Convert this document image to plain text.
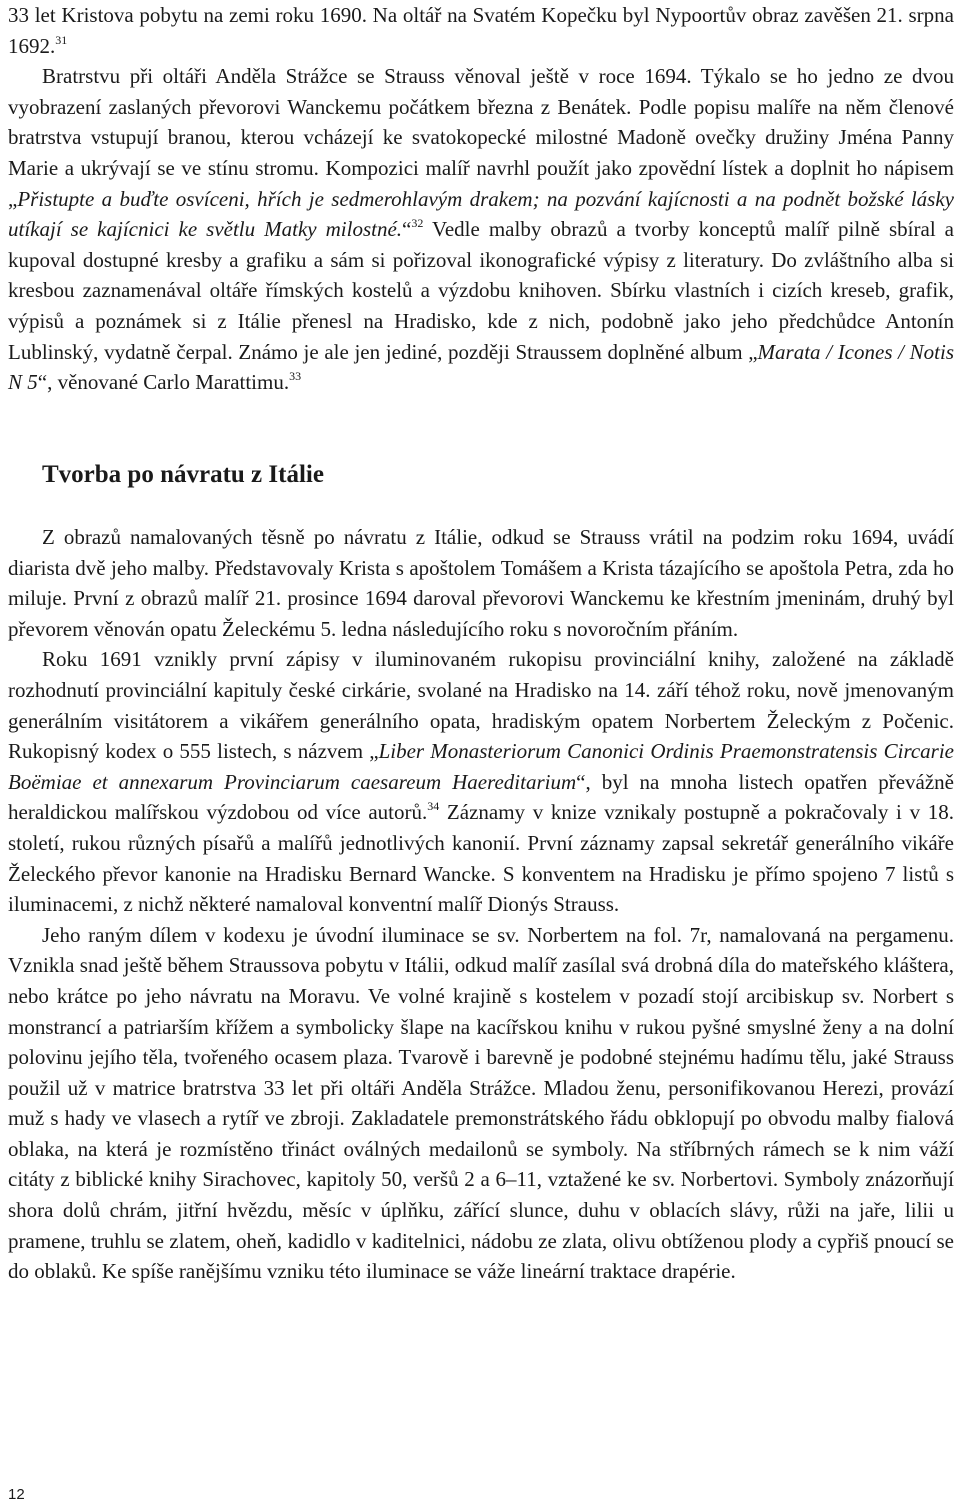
33 let Kristova pobytu na zemi roku 1690. Na oltář na Svatém Kopečku byl Nypoortův obraz zavěšen 21. srpna 1692.31

Bratrstvu při oltáři Anděla Strážce se Strauss věnoval ještě v roce 1694. Týkalo se ho jedno ze dvou vyobrazení zaslaných převorovi Wanckemu počátkem března z Benátek. Podle popisu malíře na něm členové bratrstva vstupují branou, kterou vcházejí ke svatokopecké milostné Madoně ovečky družiny Jména Panny Marie a ukrývají se ve stínu stromu. Kompozici malíř navrhl použít jako zpovědní lístek a doplnit ho nápisem „Přistupte a buďte osvíceni, hřích je sedmerohlavým drakem; na pozvání kajícnosti a na podnět božské lásky utíkají se kajícnici ke světlu Matky milostné.“$^{32}$ Vedle malby obrazů a tvorby konceptů malíř pilně sbíral a kupoval dostupné kresby a grafiku a sám si pořizoval ikonografické výpisy z literatury. Do zvláštního alba si kresbou zaznamenával oltáře římských kostelů a výzdobu knihoven. Sbírku vlastních i cizích kreseb, grafik, výpisů a poznámek si z Itálie přenesl na Hradisko, kde z nich, podobně jako jeho předchůdce Antonín Lublinský, vydatně čerpal. Známo je ale jen jediné, později Straussem doplněné album „Marata / Icones / Notis N 5“, věnované Carlo Marattimu.$^{33}$

Tvorba po návratu z Itálie

Z obrazů namalovaných těsně po návratu z Itálie, odkud se Strauss vrátil na podzim roku 1694, uvádí diarista dvě jeho malby. Představovaly Krista s apoštolem Tomášem a Krista tázajícího se apoštola Petra, zda ho miluje. První z obrazů malíř 21. prosince 1694 daroval převorovi Wanckemu ke křestním jmeninám, druhý byl převorem věnován opatu Želeckému 5. ledna následujícího roku s novoročním přáním.

Roku 1691 vznikly první zápisy v iluminovaném rukopisu provinciální knihy, založené na základě rozhodnutí provinciální kapituly české cirkárie, svolané na Hradisko na 14. září téhož roku, nově jmenovaným generálním visitátorem a vikářem generálního opata, hradiským opatem Norbertem Želeckým z Počenic. Rukopisný kodex o 555 listech, s názvem „Liber Monasteriorum Canonici Ordinis Praemonstratensis Circarie Boëmiae et annexarum Provinciarum caesareum Haereditarium“, byl na mnoha listech opatřen převážně heraldickou malířskou výzdobou od více autorů.$^{34}$ Záznamy v knize vznikaly postupně a pokračovaly i v 18. století, rukou různých písařů a malířů jednotlivých kanonií. První záznamy zapsal sekretář generálního vikáře Želeckého převor kanonie na Hradisku Bernard Wancke. S konventem na Hradisku je přímo spojeno 7 listů s iluminacemi, z nichž některé namaloval konventní malíř Dionýs Strauss.

Jeho raným dílem v kodexu je úvodní iluminace se sv. Norbertem na fol. 7r, namalovaná na pergamenu. Vznikla snad ještě během Straussova pobytu v Itálii, odkud malíř zasílal svá drobná díla do mateřského kláštera, nebo krátce po jeho návratu na Moravu. Ve volné krajině s kostelem v pozadí stojí arcibiskup sv. Norbert s monstrancí a patriarším křížem a symbolicky šlape na kacířskou knihu v rukou pyšné smyslné ženy a na dolní polovinu jejího těla, tvořeného ocasem plaza. Tvarově i barevně je podobné stejnému hadímu tělu, jaké Strauss použil už v matrice bratrstva 33 let při oltáři Anděla Strážce. Mladou ženu, personifikovanou Herezi, provází muž s hady ve vlasech a rytíř ve zbroji. Zakladatele premonstrátského řádu obklopují po obvodu malby fialová oblaka, na která je rozmístěno třináct oválných medailonů se symboly. Na stříbrných rámech se k nim váží citáty z biblické knihy Sirachovec, kapitoly 50, veršů 2 a 6–11, vztažené ke sv. Norbertovi. Symboly znázorňují shora dolů chrám, jitřní hvězdu, měsíc v úplňku, zářící slunce, duhu v oblacích slávy, růži na jaře, lilii u pramene, truhlu se zlatem, oheň, kadidlo v kaditelnici, nádobu ze zlata, olivu obtíženou plody a cypřiš pnoucí se do oblaků. Ke spíše ranějšímu vzniku této iluminace se váže lineární traktace drapérie.

12
